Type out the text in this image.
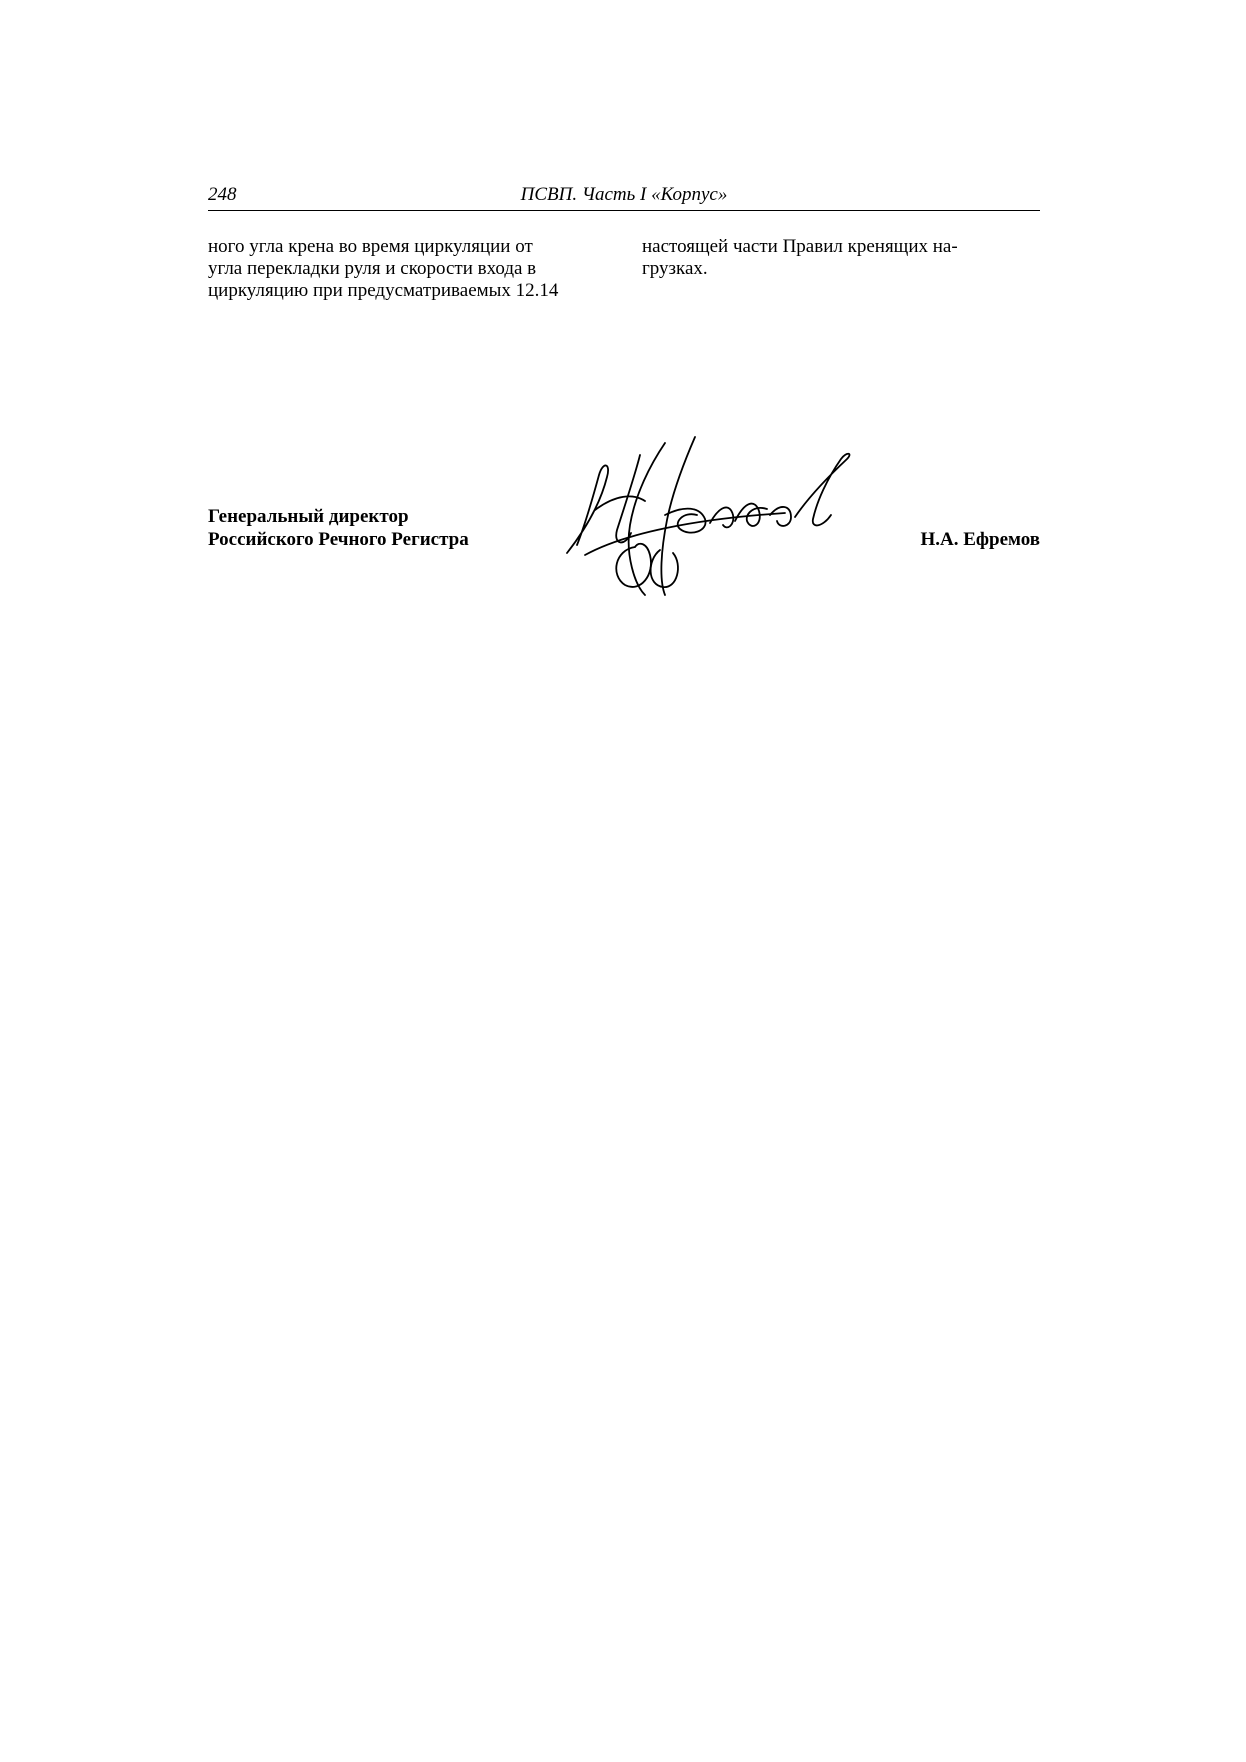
248	ПСВП. Часть I «Корпус»
ного угла крена во время циркуляции от
угла перекладки руля и скорости входа в
циркуляцию при предусматриваемых 12.14
настоящей части Правил кренящих на-
грузках.
Генеральный директор
Российского Речного Регистра	Н.А. Ефремов
